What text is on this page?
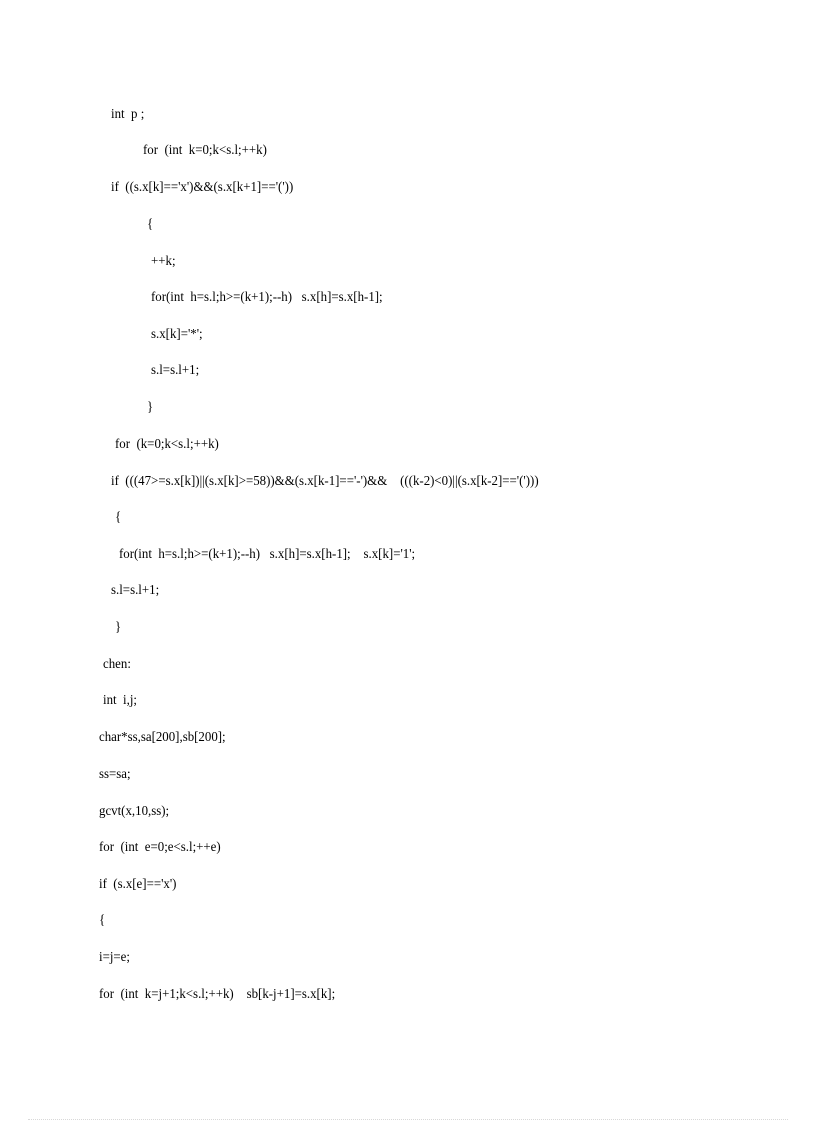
int  p ;
for  (int  k=0;k<s.l;++k)
if  ((s.x[k]=='x')&&(s.x[k+1]=='('))
{
++k;
for(int  h=s.l;h>=(k+1);--h)   s.x[h]=s.x[h-1];
s.x[k]='*';
s.l=s.l+1;
}
for  (k=0;k<s.l;++k)
if  (((47>=s.x[k])||(s.x[k]>=58))&&(s.x[k-1]=='-')&&    (((k-2)<0)||(s.x[k-2]=='(')))
{
for(int  h=s.l;h>=(k+1);--h)   s.x[h]=s.x[h-1];    s.x[k]='1';
s.l=s.l+1;
}
chen:
int  i,j;
char*ss,sa[200],sb[200];
ss=sa;
gcvt(x,10,ss);
for  (int  e=0;e<s.l;++e)
if  (s.x[e]=='x')
{
i=j=e;
for  (int  k=j+1;k<s.l;++k)    sb[k-j+1]=s.x[k];
